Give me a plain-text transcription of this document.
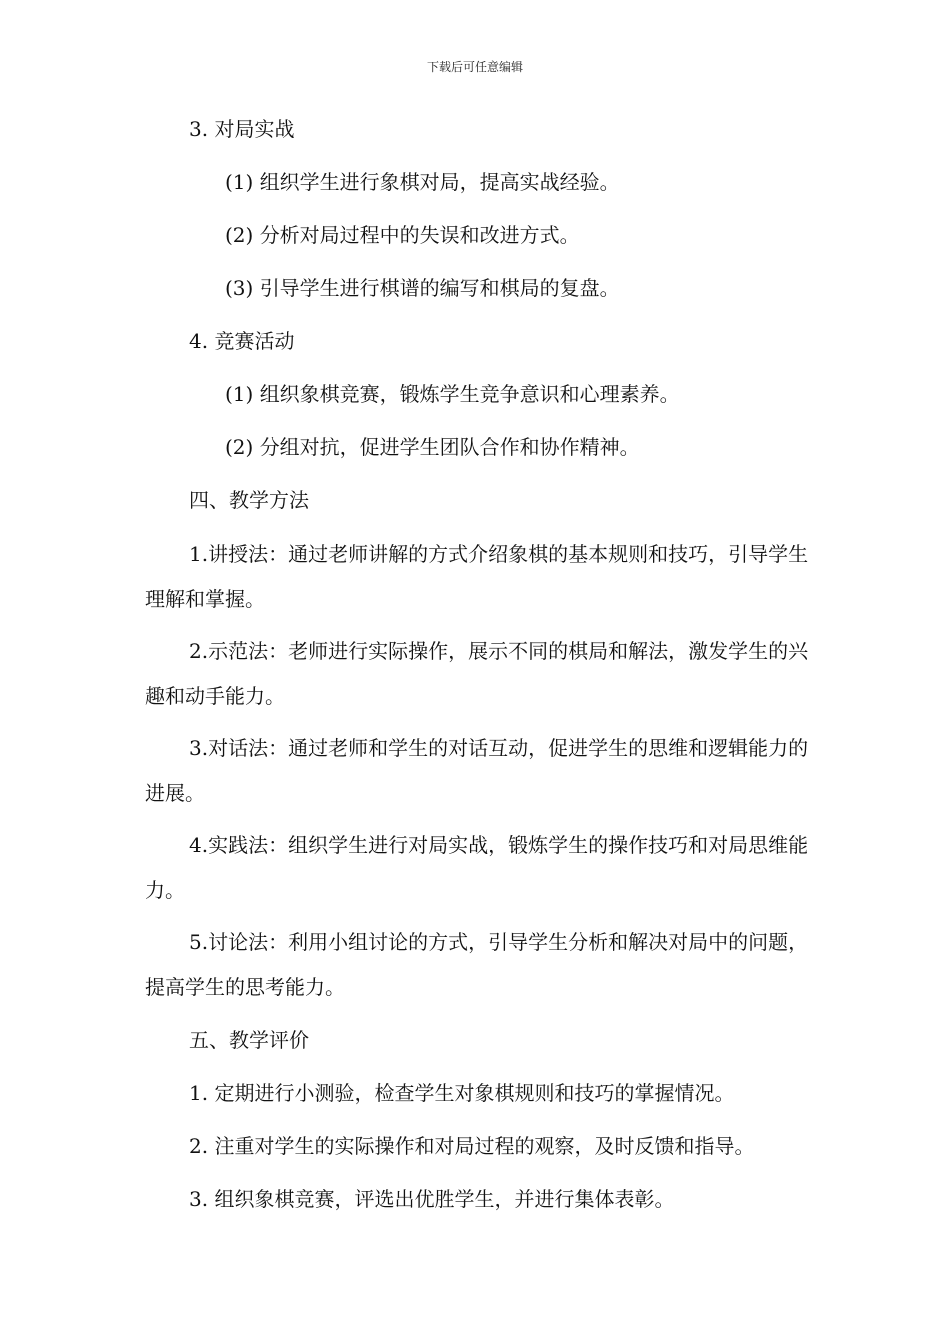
下载后可任意编辑
3. 对局实战
(1) 组织学生进行象棋对局，提高实战经验。
(2) 分析对局过程中的失误和改进方式。
(3) 引导学生进行棋谱的编写和棋局的复盘。
4. 竞赛活动
(1) 组织象棋竞赛，锻炼学生竞争意识和心理素养。
(2) 分组对抗，促进学生团队合作和协作精神。
四、教学方法
1.讲授法：通过老师讲解的方式介绍象棋的基本规则和技巧，引导学生理解和掌握。
2.示范法：老师进行实际操作，展示不同的棋局和解法，激发学生的兴趣和动手能力。
3.对话法：通过老师和学生的对话互动，促进学生的思维和逻辑能力的进展。
4.实践法：组织学生进行对局实战，锻炼学生的操作技巧和对局思维能力。
5.讨论法：利用小组讨论的方式，引导学生分析和解决对局中的问题，提高学生的思考能力。
五、教学评价
1. 定期进行小测验，检查学生对象棋规则和技巧的掌握情况。
2. 注重对学生的实际操作和对局过程的观察，及时反馈和指导。
3. 组织象棋竞赛，评选出优胜学生，并进行集体表彰。
